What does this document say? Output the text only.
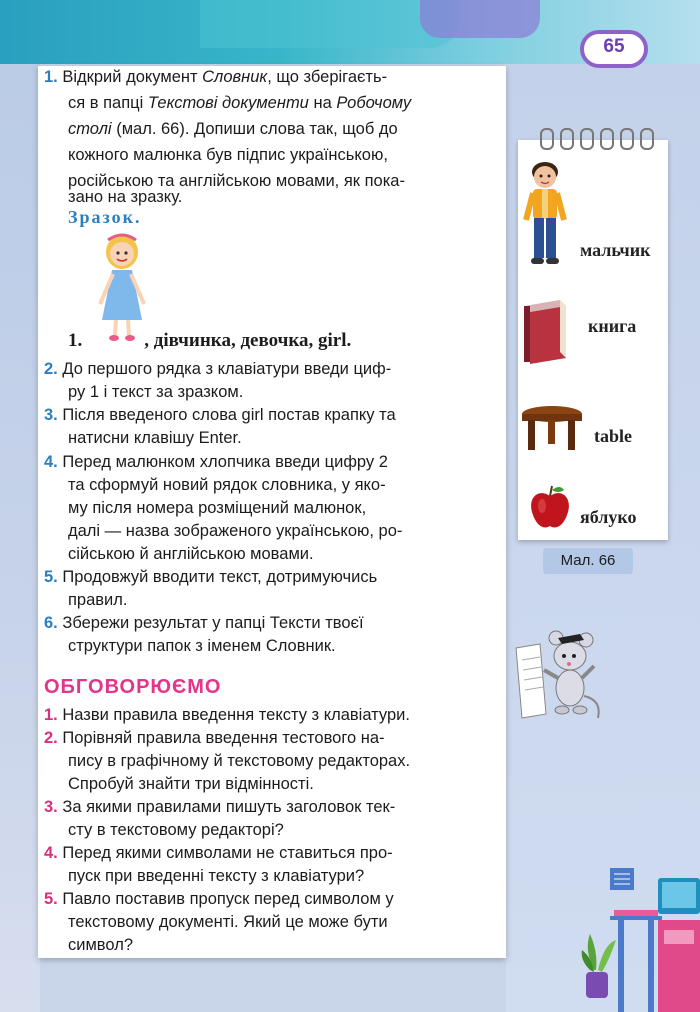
65
1. Відкрий документ Словник, що зберігаєть-
ся в папці Текстові документи на Робочому
столі (мал. 66). Допиши слова так, щоб до
кожного малюнка був підпис українською,
російською та англійською мовами, як пока-
зано на зразку.
Зразок.
1.	, дівчинка, девочка, girl.
2. До першого рядка з клавіатури введи циф-
ру 1 і текст за зразком.
3. Після введеного слова girl постав крапку та
натисни клавішу Enter.
4. Перед малюнком хлопчика введи цифру 2
та сформуй новий рядок словника, у яко-
му після номера розміщений малюнок,
далі — назва зображеного українською, ро-
сійською й англійською мовами.
5. Продовжуй вводити текст, дотримуючись
правил.
6. Збережи результат у папці Тексти твоєї
структури папок з іменем Словник.
ОБГОВОРЮЄМО
1. Назви правила введення тексту з клавіатури.
2. Порівняй правила введення тестового на-
пису в графічному й текстовому редакторах.
Спробуй знайти три відмінності.
3. За якими правилами пишуть заголовок тек-
сту в текстовому редакторі?
4. Перед якими символами не ставиться про-
пуск при введенні тексту з клавіатури?
5. Павло поставив пропуск перед символом у
текстовому документі. Який це може бути
символ?
мальчик
книга
table
яблуко
Мал. 66
